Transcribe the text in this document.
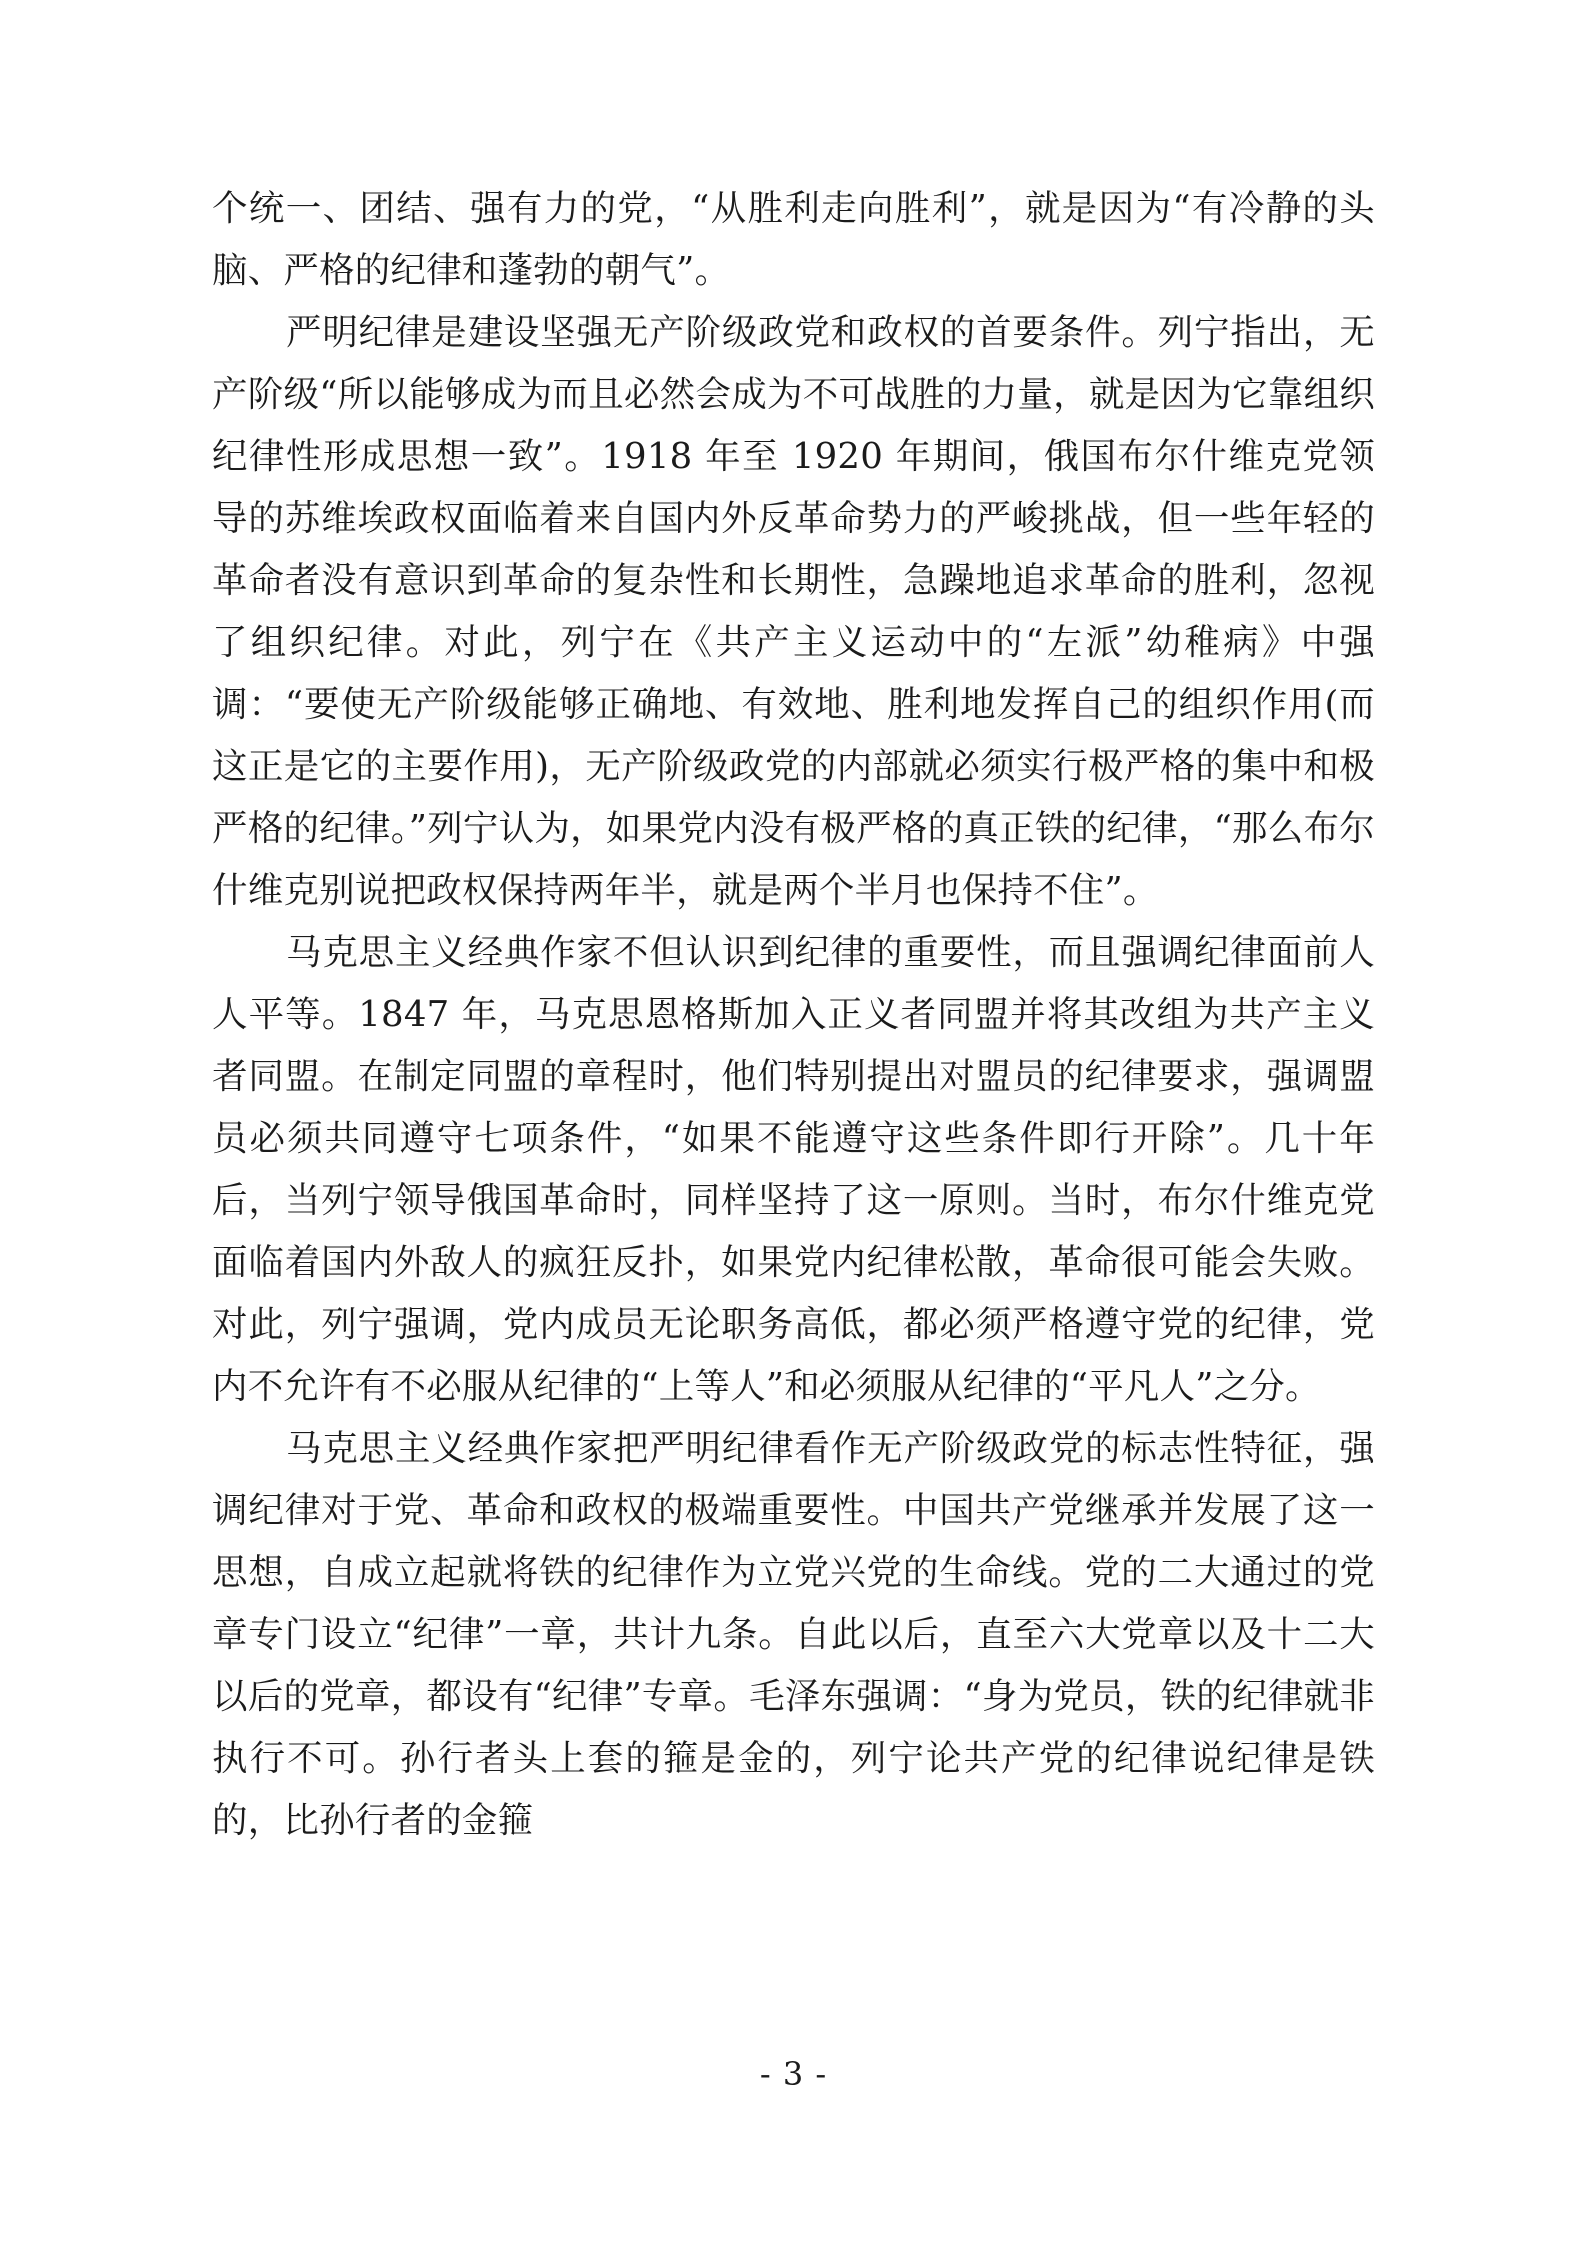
个统一、团结、强有力的党，“从胜利走向胜利”，就是因为“有冷静的头脑、严格的纪律和蓬勃的朝气”。

严明纪律是建设坚强无产阶级政党和政权的首要条件。列宁指出，无产阶级“所以能够成为而且必然会成为不可战胜的力量，就是因为它靠组织纪律性形成思想一致”。1918 年至 1920 年期间，俄国布尔什维克党领导的苏维埃政权面临着来自国内外反革命势力的严峻挑战，但一些年轻的革命者没有意识到革命的复杂性和长期性，急躁地追求革命的胜利，忽视了组织纪律。对此，列宁在《共产主义运动中的“左派”幼稚病》中强调：“要使无产阶级能够正确地、有效地、胜利地发挥自己的组织作用(而这正是它的主要作用)，无产阶级政党的内部就必须实行极严格的集中和极严格的纪律。”列宁认为，如果党内没有极严格的真正铁的纪律，“那么布尔什维克别说把政权保持两年半，就是两个半月也保持不住”。

马克思主义经典作家不但认识到纪律的重要性，而且强调纪律面前人人平等。1847 年，马克思恩格斯加入正义者同盟并将其改组为共产主义者同盟。在制定同盟的章程时，他们特别提出对盟员的纪律要求，强调盟员必须共同遵守七项条件，“如果不能遵守这些条件即行开除”。几十年后，当列宁领导俄国革命时，同样坚持了这一原则。当时，布尔什维克党面临着国内外敌人的疯狂反扑，如果党内纪律松散，革命很可能会失败。对此，列宁强调，党内成员无论职务高低，都必须严格遵守党的纪律，党内不允许有不必服从纪律的“上等人”和必须服从纪律的“平凡人”之分。

马克思主义经典作家把严明纪律看作无产阶级政党的标志性特征，强调纪律对于党、革命和政权的极端重要性。中国共产党继承并发展了这一思想，自成立起就将铁的纪律作为立党兴党的生命线。党的二大通过的党章专门设立“纪律”一章，共计九条。自此以后，直至六大党章以及十二大以后的党章，都设有“纪律”专章。毛泽东强调：“身为党员，铁的纪律就非执行不可。孙行者头上套的箍是金的，列宁论共产党的纪律说纪律是铁的，比孙行者的金箍

- 3 -
